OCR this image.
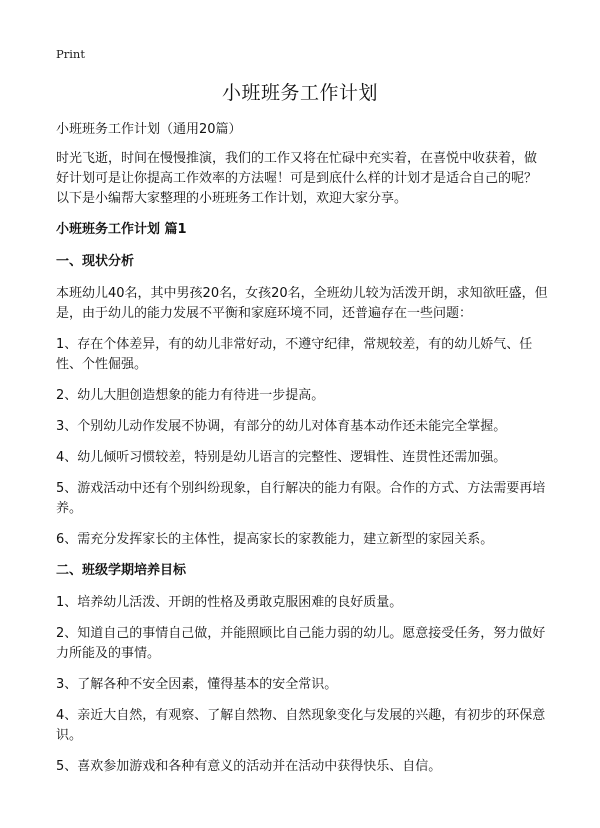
Print
小班班务工作计划
小班班务工作计划（通用20篇）

时光飞逝，时间在慢慢推演，我们的工作又将在忙碌中充实着，在喜悦中收获着，做好计划可是让你提高工作效率的方法喔！可是到底什么样的计划才是适合自己的呢？以下是小编帮大家整理的小班班务工作计划，欢迎大家分享。

小班班务工作计划 篇1
一、现状分析

本班幼儿40名，其中男孩20名，女孩20名，全班幼儿较为活泼开朗，求知欲旺盛，但是，由于幼儿的能力发展不平衡和家庭环境不同，还普遍存在一些问题：

1、存在个体差异，有的幼儿非常好动，不遵守纪律，常规较差，有的幼儿娇气、任性、个性倔强。
2、幼儿大胆创造想象的能力有待进一步提高。
3、个别幼儿动作发展不协调，有部分的幼儿对体育基本动作还未能完全掌握。
4、幼儿倾听习惯较差，特别是幼儿语言的完整性、逻辑性、连贯性还需加强。
5、游戏活动中还有个别纠纷现象，自行解决的能力有限。合作的方式、方法需要再培养。
6、需充分发挥家长的主体性，提高家长的家教能力，建立新型的家园关系。
二、班级学期培养目标
1、培养幼儿活泼、开朗的性格及勇敢克服困难的良好质量。
2、知道自己的事情自己做，并能照顾比自己能力弱的幼儿。愿意接受任务，努力做好力所能及的事情。
3、了解各种不安全因素，懂得基本的安全常识。
4、亲近大自然，有观察、了解自然物、自然现象变化与发展的兴趣，有初步的环保意识。
5、喜欢参加游戏和各种有意义的活动并在活动中获得快乐、自信。
